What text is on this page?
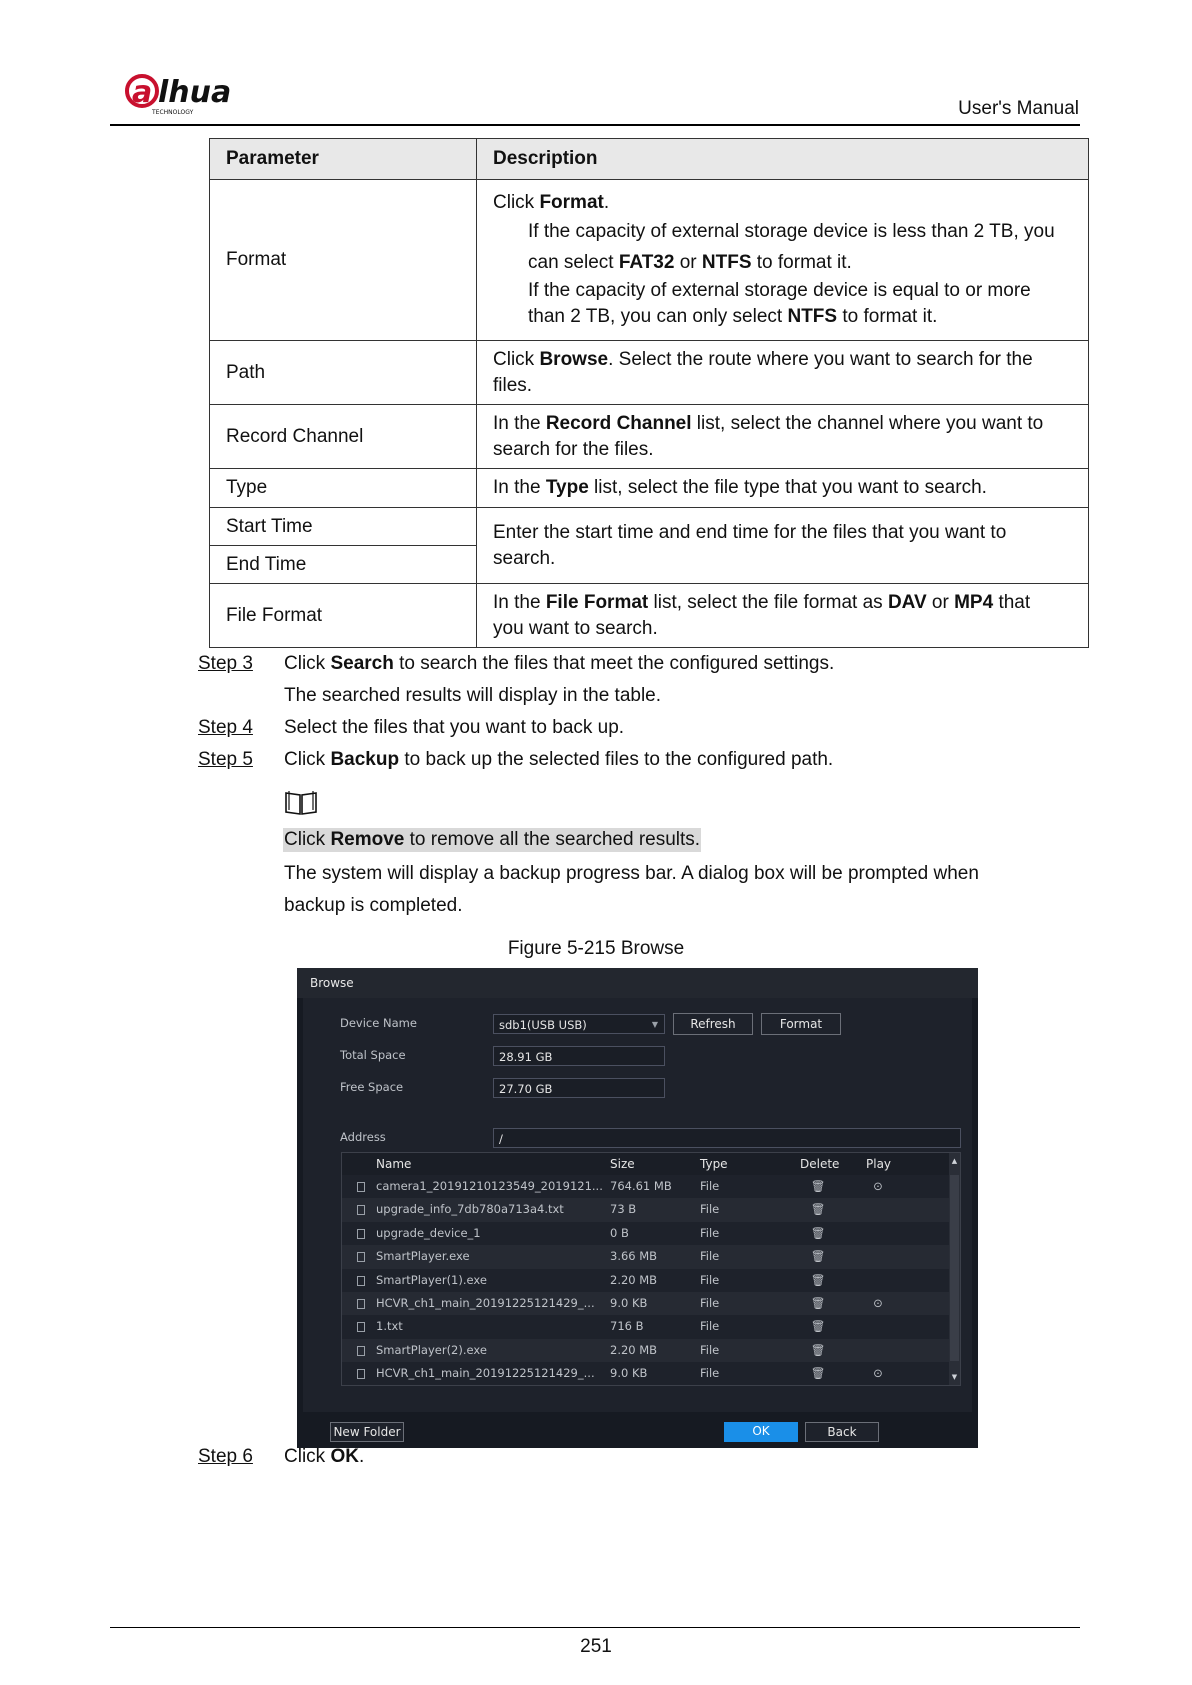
a lhua
TECHNOLOGY	User's Manual
Parameter	Description
Format	Click Format.
If the capacity of external storage device is less than 2 TB, you
can select FAT32 or NTFS to format it.
If the capacity of external storage device is equal to or more
than 2 TB, you can only select NTFS to format it.

Path	Click Browse. Select the route where you want to search for the
files.

Record Channel	In the Record Channel list, select the channel where you want to
search for the files.

Type	In the Type list, select the file type that you want to search.
Start Time	Enter the start time and end time for the files that you want to
search.

End Time	
File Format	In the File Format list, select the file format as DAV or MP4 that
you want to search.
Step 3 Click Search to search the files that meet the configured settings.
The searched results will display in the table.
Step 4 Select the files that you want to back up.
Step 5 Click Backup to back up the selected files to the configured path.
Click Remove to remove all the searched results.
The system will display a backup progress bar. A dialog box will be prompted when
backup is completed.
Figure 5-215 Browse
Browse
Device Name	sdb1(USB USB)	▼	Refresh	Format
Total Space	28.91 GB
Free Space	27.70 GB
Address	/
Name	Size	Type	Delete Play
camera1_20191210123549_2019121... 764.61 MB File	🗑	⊙
upgrade_info_7db780a713a4.txt	73 B	File	🗑
upgrade_device_1	0 B	File	🗑
SmartPlayer.exe	3.66 MB	File	🗑
SmartPlayer(1).exe	2.20 MB	File	🗑
HCVR_ch1_main_20191225121429_...	9.0 KB	File	🗑	⊙
1.txt	716 B	File	🗑
SmartPlayer(2).exe	2.20 MB	File	🗑
HCVR_ch1_main_20191225121429_...	9.0 KB	File	🗑	⊙
▲
▼
New Folder	OK	Back
Step 6 Click OK.
251
